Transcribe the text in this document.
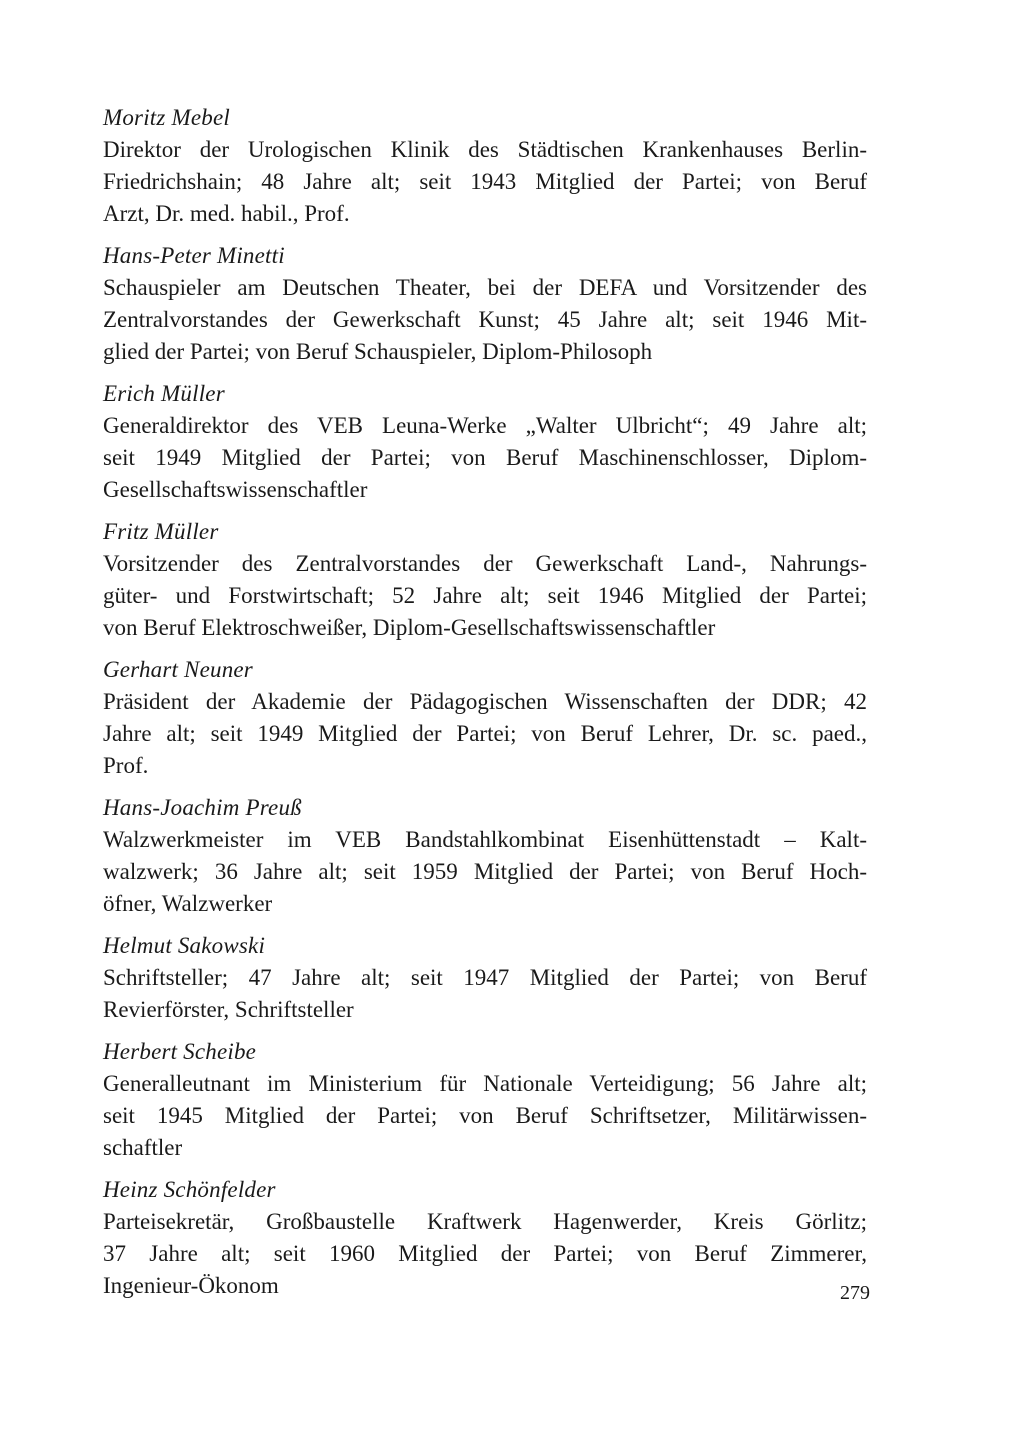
Moritz Mebel

Direktor der Urologischen Klinik des Städtischen Krankenhauses Berlin-
Friedrichshain; 48 Jahre alt; seit 1943 Mitglied der Partei; von Beruf
Arzt, Dr. med. habil., Prof.

Hans-Peter Minetti

Schauspieler am Deutschen Theater, bei der DEFA und Vorsitzender des
Zentralvorstandes der Gewerkschaft Kunst; 45 Jahre alt; seit 1946 Mit-
glied der Partei; von Beruf Schauspieler, Diplom-Philosoph

Erich Müller

Generaldirektor des VEB Leuna-Werke „Walter Ulbricht“; 49 Jahre alt;
seit 1949 Mitglied der Partei; von Beruf Maschinenschlosser, Diplom-
Gesellschaftswissenschaftler

Fritz Müller

Vorsitzender des Zentralvorstandes der Gewerkschaft Land-, Nahrungs-
güter- und Forstwirtschaft; 52 Jahre alt; seit 1946 Mitglied der Partei;
von Beruf Elektroschweißer, Diplom-Gesellschaftswissenschaftler

Gerhart Neuner

Präsident der Akademie der Pädagogischen Wissenschaften der DDR; 42
Jahre alt; seit 1949 Mitglied der Partei; von Beruf Lehrer, Dr. sc. paed.,
Prof.

Hans-Joachim Preuß

Walzwerkmeister im VEB Bandstahlkombinat Eisenhüttenstadt – Kalt-
walzwerk; 36 Jahre alt; seit 1959 Mitglied der Partei; von Beruf Hoch-
öfner, Walzwerker

Helmut Sakowski

Schriftsteller; 47 Jahre alt; seit 1947 Mitglied der Partei; von Beruf
Revierförster, Schriftsteller

Herbert Scheibe

Generalleutnant im Ministerium für Nationale Verteidigung; 56 Jahre alt;
seit 1945 Mitglied der Partei; von Beruf Schriftsetzer, Militärwissen-
schaftler

Heinz Schönfelder

Parteisekretär, Großbaustelle Kraftwerk Hagenwerder, Kreis Görlitz;
37 Jahre alt; seit 1960 Mitglied der Partei; von Beruf Zimmerer,
Ingenieur-Ökonom	279
